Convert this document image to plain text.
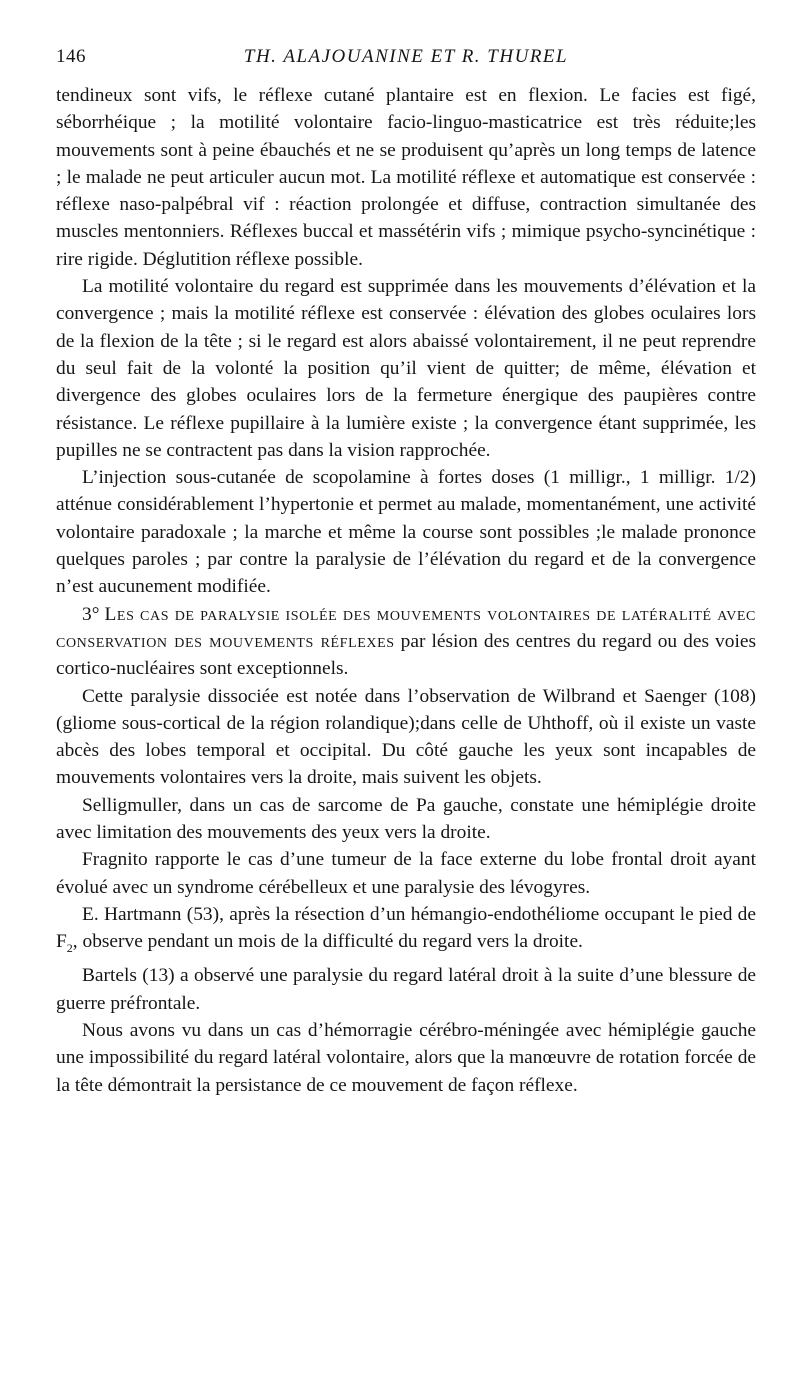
146	TH. ALAJOUANINE ET R. THUREL

tendineux sont vifs, le réflexe cutané plantaire est en flexion. Le facies est figé, séborrhéique ; la motilité volontaire facio-linguo-masticatrice est très réduite;les mouvements sont à peine ébauchés et ne se produisent qu’après un long temps de latence ; le malade ne peut articuler aucun mot. La motilité réflexe et automatique est conservée : réflexe naso-palpébral vif : réaction prolongée et diffuse, contraction simultanée des muscles mentonniers. Réflexes buccal et massétérin vifs ; mimique psycho-syncinétique : rire rigide. Déglutition réflexe possible.

La motilité volontaire du regard est supprimée dans les mouvements d’élévation et la convergence ; mais la motilité réflexe est conservée : élévation des globes oculaires lors de la flexion de la tête ; si le regard est alors abaissé volontairement, il ne peut reprendre du seul fait de la volonté la position qu’il vient de quitter; de même, élévation et divergence des globes oculaires lors de la fermeture énergique des paupières contre résistance. Le réflexe pupillaire à la lumière existe ; la convergence étant supprimée, les pupilles ne se contractent pas dans la vision rapprochée.

L’injection sous-cutanée de scopolamine à fortes doses (1 milligr., 1 milligr. 1/2) atténue considérablement l’hypertonie et permet au malade, momentanément, une activité volontaire paradoxale ; la marche et même la course sont possibles ;le malade prononce quelques paroles ; par contre la paralysie de l’élévation du regard et de la convergence n’est aucunement modifiée.

3° Les cas de paralysie isolée des mouvements volontaires de latéralité avec conservation des mouvements réflexes par lésion des centres du regard ou des voies cortico-nucléaires sont exceptionnels.

Cette paralysie dissociée est notée dans l’observation de Wilbrand et Saenger (108) (gliome sous-cortical de la région rolandique);dans celle de Uhthoff, où il existe un vaste abcès des lobes temporal et occipital. Du côté gauche les yeux sont incapables de mouvements volontaires vers la droite, mais suivent les objets.

Selligmuller, dans un cas de sarcome de Pa gauche, constate une hémiplégie droite avec limitation des mouvements des yeux vers la droite.

Fragnito rapporte le cas d’une tumeur de la face externe du lobe frontal droit ayant évolué avec un syndrome cérébelleux et une paralysie des lévogyres.

E. Hartmann (53), après la résection d’un hémangio-endothéliome occupant le pied de $F_2$, observe pendant un mois de la difficulté du regard vers la droite.

Bartels (13) a observé une paralysie du regard latéral droit à la suite d’une blessure de guerre préfrontale.

Nous avons vu dans un cas d’hémorragie cérébro-méningée avec hémiplégie gauche une impossibilité du regard latéral volontaire, alors que la manœuvre de rotation forcée de la tête démontrait la persistance de ce mouvement de façon réflexe.
